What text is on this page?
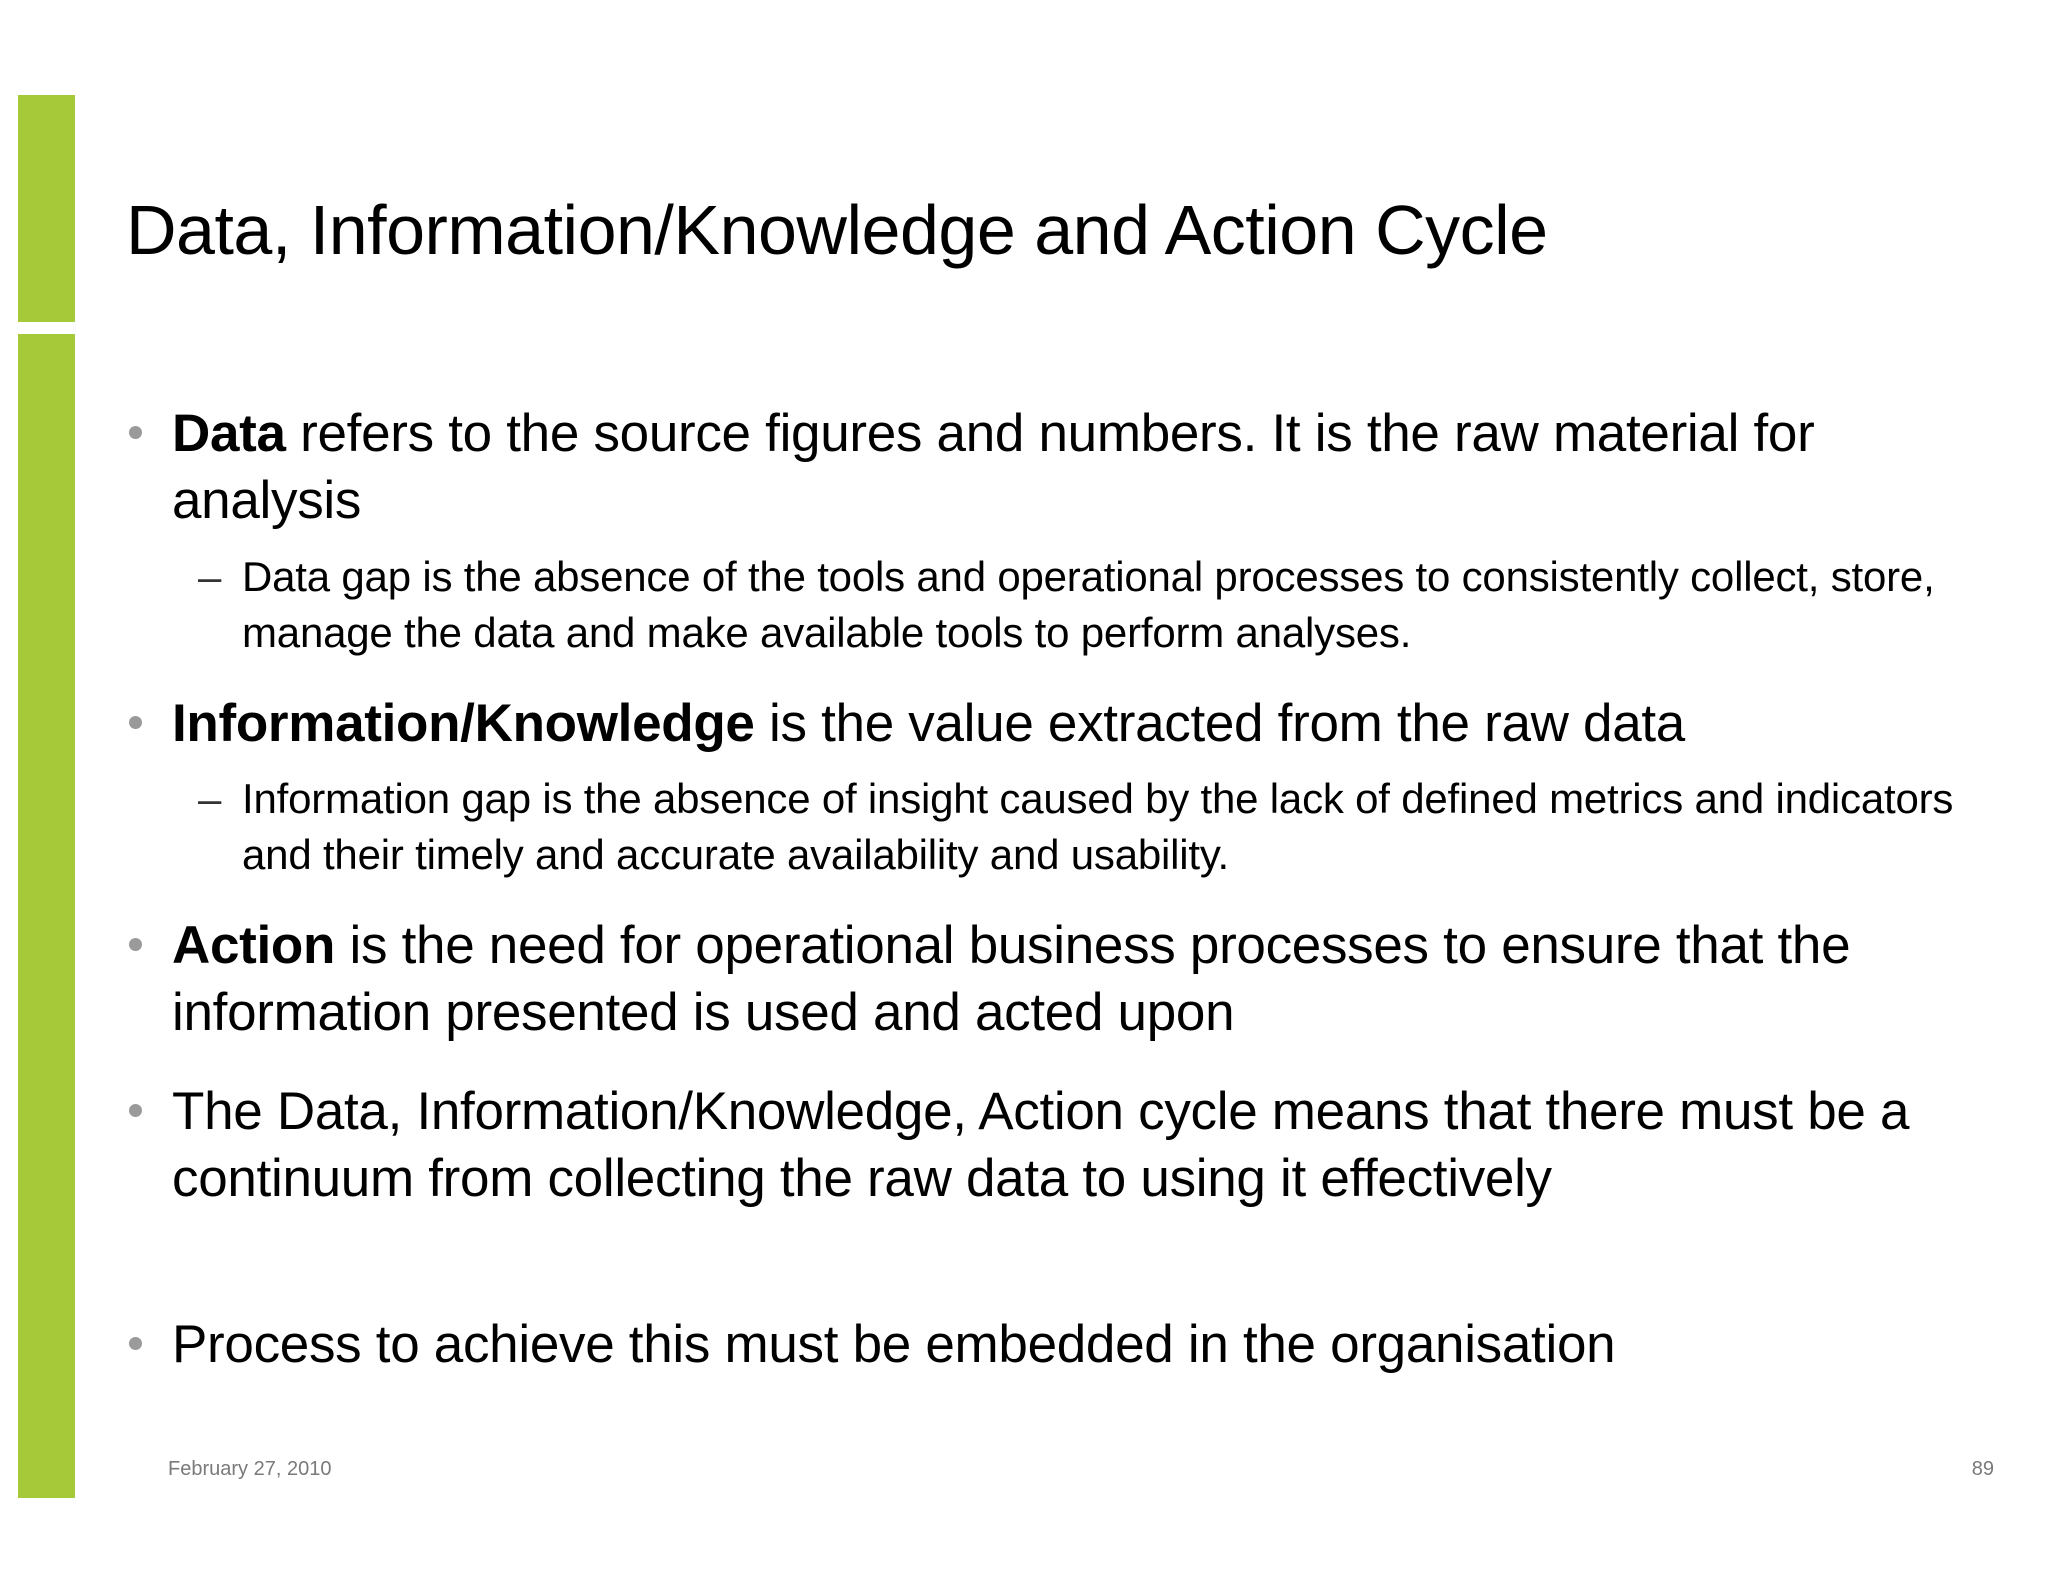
Data, Information/Knowledge and Action Cycle
Data refers to the source figures and numbers. It is the raw material for analysis
– Data gap is the absence of the tools and operational processes to consistently collect, store, manage the data and make available tools to perform analyses.
Information/Knowledge is the value extracted from the raw data
– Information gap is the absence of insight caused by the lack of defined metrics and indicators and their timely and accurate availability and usability.
Action is the need for operational business processes to ensure that the information presented is used and acted upon
The Data, Information/Knowledge, Action cycle means that there must be a continuum from collecting the raw data to using it effectively
Process to achieve this must be embedded in the organisation
February 27, 2010	89
